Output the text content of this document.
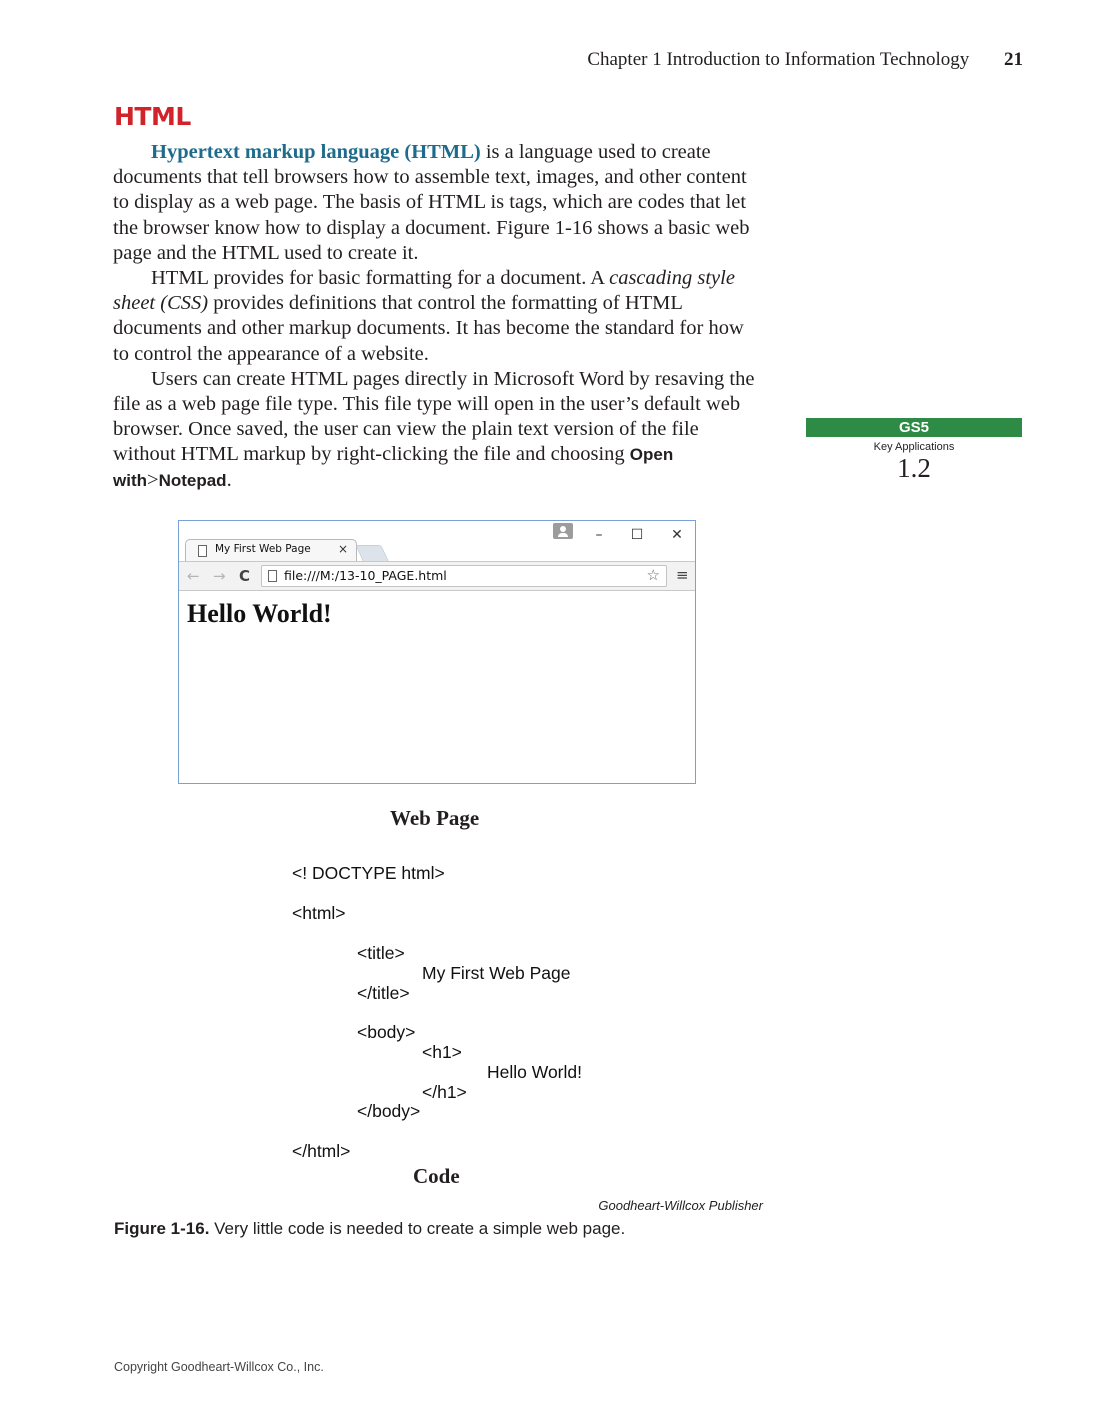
Chapter 1 Introduction to Information Technology 21
HTML

Hypertext markup language (HTML) is a language used to create documents that tell browsers how to assemble text, images, and other content to display as a web page. The basis of HTML is tags, which are codes that let the browser know how to display a document. Figure 1-16 shows a basic web page and the HTML used to create it.

HTML provides for basic formatting for a document. A cascading style sheet (CSS) provides definitions that control the formatting of HTML documents and other markup documents. It has become the standard for how to control the appearance of a website.

Users can create HTML pages directly in Microsoft Word by resaving the file as a web page file type. This file type will open in the user’s default web browser. Once saved, the user can view the plain text version of the file without HTML markup by right-clicking the file and choosing Open with>Notepad.

GS5
Key Applications
1.2
–	☐	✕
My First Web Page ×
← → C	file:///M:/13-10_PAGE.html	☆ ≡
Hello World!
Web Page
<! DOCTYPE html>
<html>
<title>
My First Web Page
</title>
<body>
<h1>
Hello World!
</h1>
</body>
</html>
Code
Goodheart-Willcox Publisher
Figure 1-16. Very little code is needed to create a simple web page.
Copyright Goodheart-Willcox Co., Inc.
